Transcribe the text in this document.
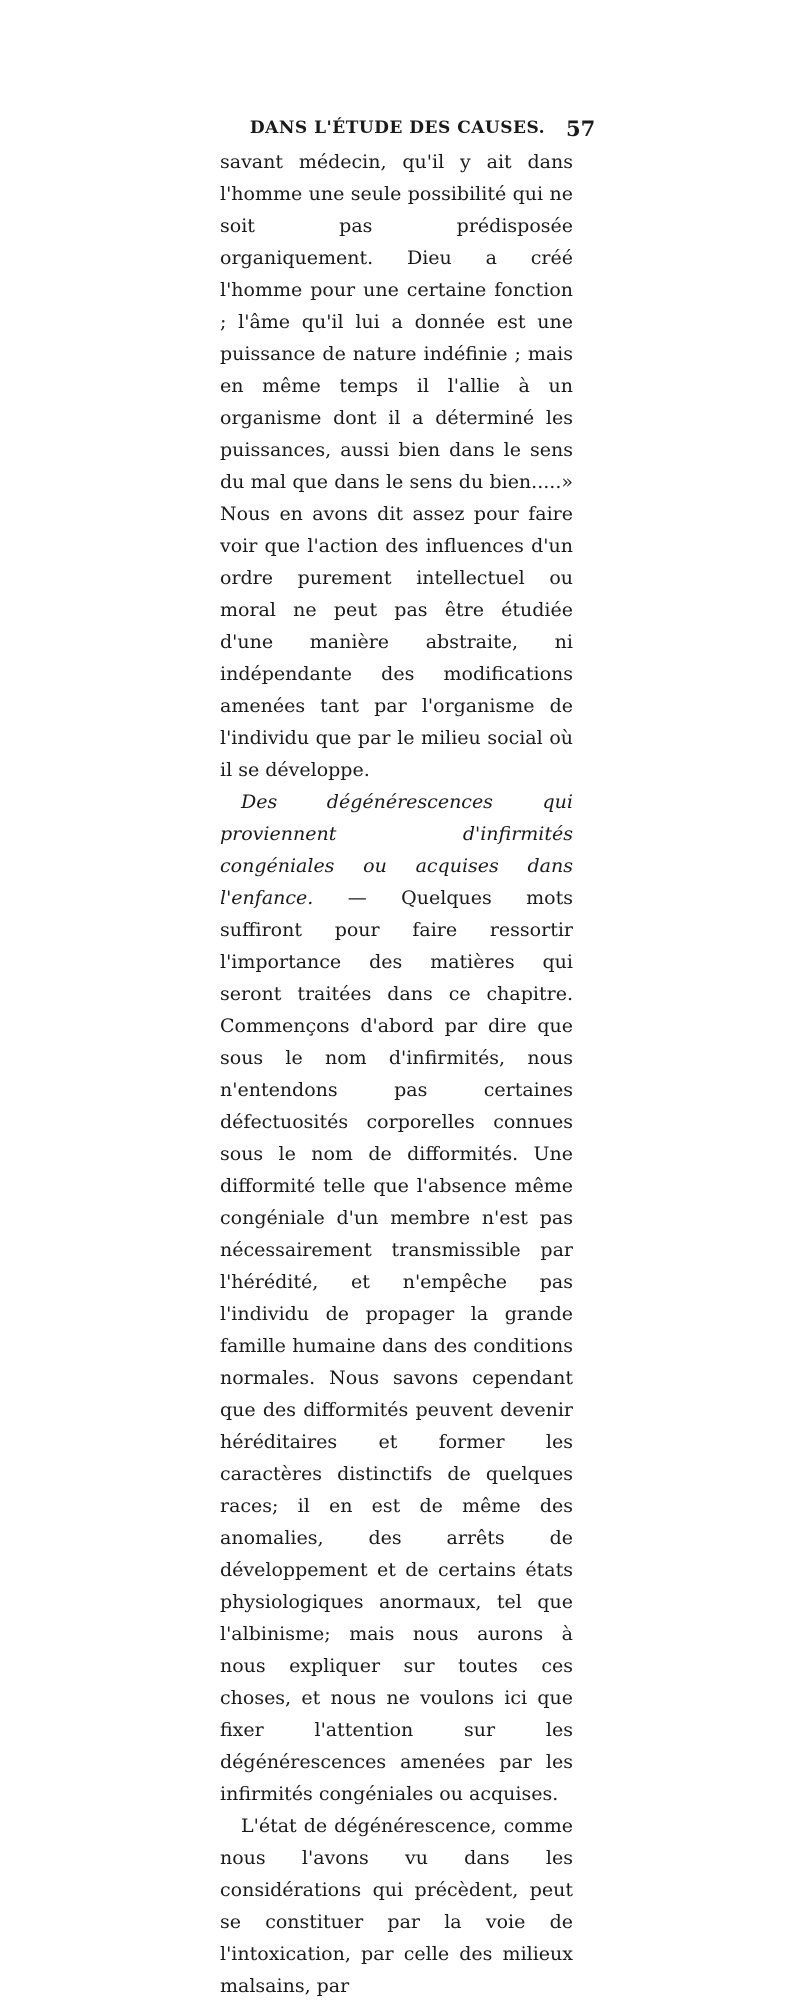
DANS L'ÉTUDE DES CAUSES. 57

savant médecin, qu'il y ait dans l'homme une seule possibilité qui ne soit pas prédisposée organiquement. Dieu a créé l'homme pour une certaine fonction ; l'âme qu'il lui a donnée est une puissance de nature indéfinie ; mais en même temps il l'allie à un organisme dont il a déterminé les puissances, aussi bien dans le sens du mal que dans le sens du bien.....» Nous en avons dit assez pour faire voir que l'action des influences d'un ordre purement intellectuel ou moral ne peut pas être étudiée d'une manière abstraite, ni indépendante des modifications amenées tant par l'organisme de l'individu que par le milieu social où il se développe.

Des dégénérescences qui proviennent d'infirmités congéniales ou acquises dans l'enfance. — Quelques mots suffiront pour faire ressortir l'importance des matières qui seront traitées dans ce chapitre. Commençons d'abord par dire que sous le nom d'infirmités, nous n'entendons pas certaines défectuosités corporelles connues sous le nom de difformités. Une difformité telle que l'absence même congéniale d'un membre n'est pas nécessairement transmissible par l'hérédité, et n'empêche pas l'individu de propager la grande famille humaine dans des conditions normales. Nous savons cependant que des difformités peuvent devenir héréditaires et former les caractères distinctifs de quelques races; il en est de même des anomalies, des arrêts de développement et de certains états physiologiques anormaux, tel que l'albinisme; mais nous aurons à nous expliquer sur toutes ces choses, et nous ne voulons ici que fixer l'attention sur les dégénérescences amenées par les infirmités congéniales ou acquises.

L'état de dégénérescence, comme nous l'avons vu dans les considérations qui précèdent, peut se constituer par la voie de l'intoxication, par celle des milieux malsains, par
